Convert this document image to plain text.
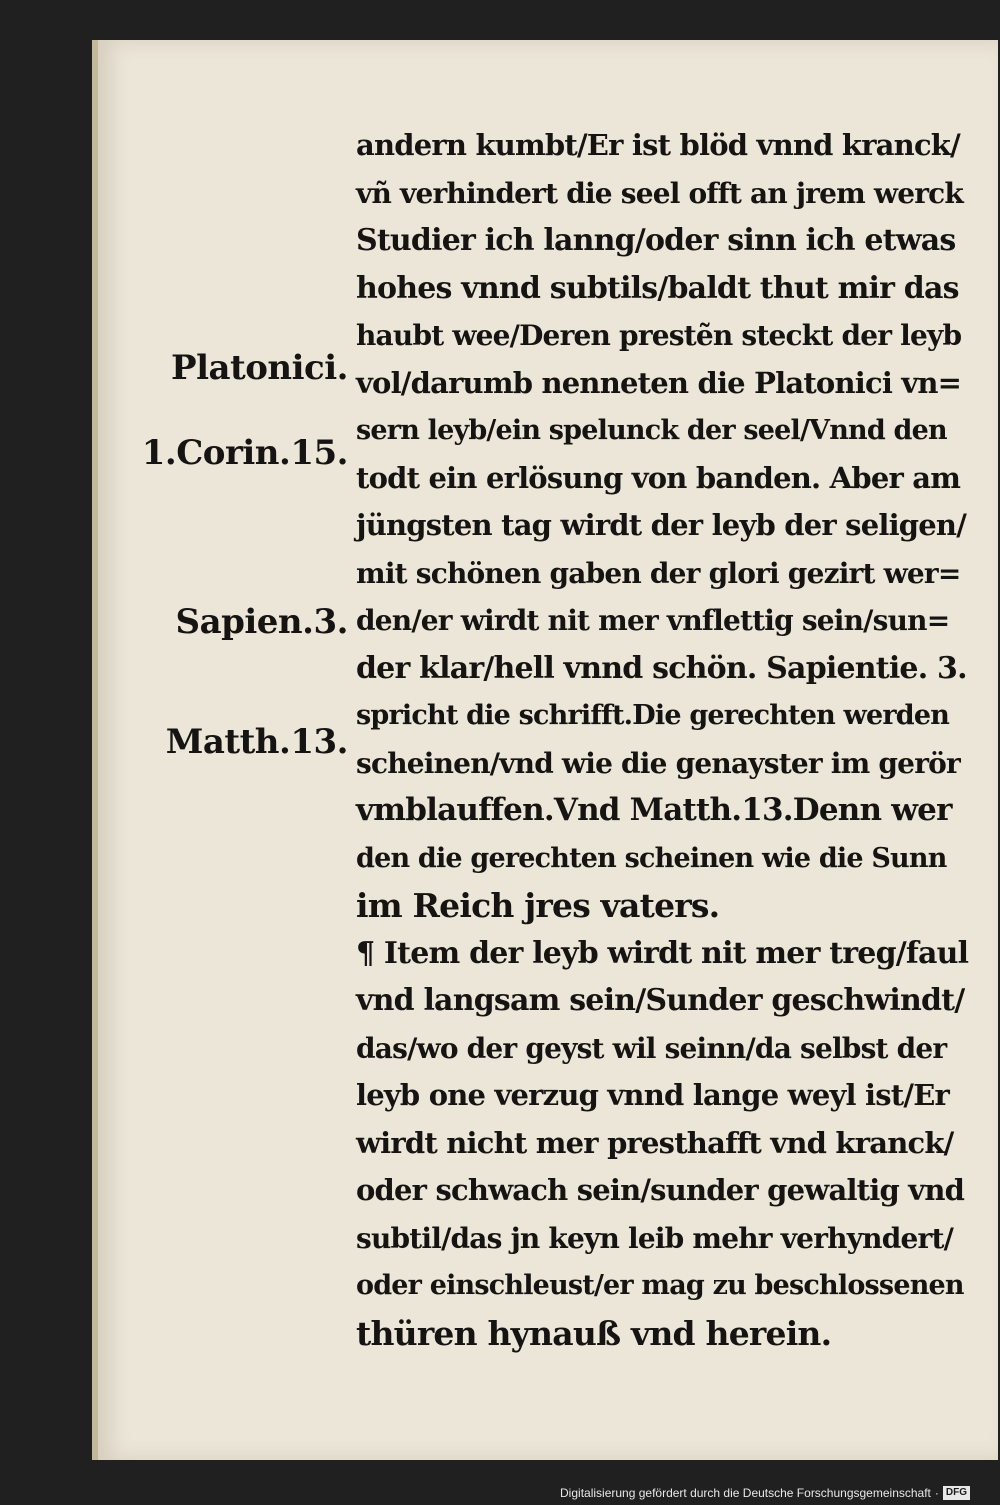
Platonici.
1.Corin.15.
Sapien.3.
Matth.13.
andern kumbt/Er ist blöd vnnd kranck/
vñ verhindert die seel offt an jrem werck
Studier ich lanng/oder sinn ich etwas
hohes vnnd subtils/baldt thut mir das
haubt wee/Deren prestẽn steckt der leyb
vol/darumb nenneten die Platonici vn=
sern leyb/ein spelunck der seel/Vnnd den
todt ein erlösung von banden. Aber am
jüngsten tag wirdt der leyb der seligen/
mit schönen gaben der glori gezirt wer=
den/er wirdt nit mer vnflettig sein/sun=
der klar/hell vnnd schön. Sapientie. 3.
spricht die schrifft.Die gerechten werden
scheinen/vnd wie die genayster im gerör
vmblauffen.Vnd Matth.13.Denn wer
den die gerechten scheinen wie die Sunn
im Reich jres vaters.
¶ Item der leyb wirdt nit mer treg/faul
vnd langsam sein/Sunder geschwindt/
das/wo der geyst wil seinn/da selbst der
leyb one verzug vnnd lange weyl ist/Er
wirdt nicht mer presthafft vnd kranck/
oder schwach sein/sunder gewaltig vnd
subtil/das jn keyn leib mehr verhyndert/
oder einschleust/er mag zu beschlossenen
thüren hynauß vnd herein.
Digitalisierung gefördert durch die Deutsche Forschungsgemeinschaft · DFG
